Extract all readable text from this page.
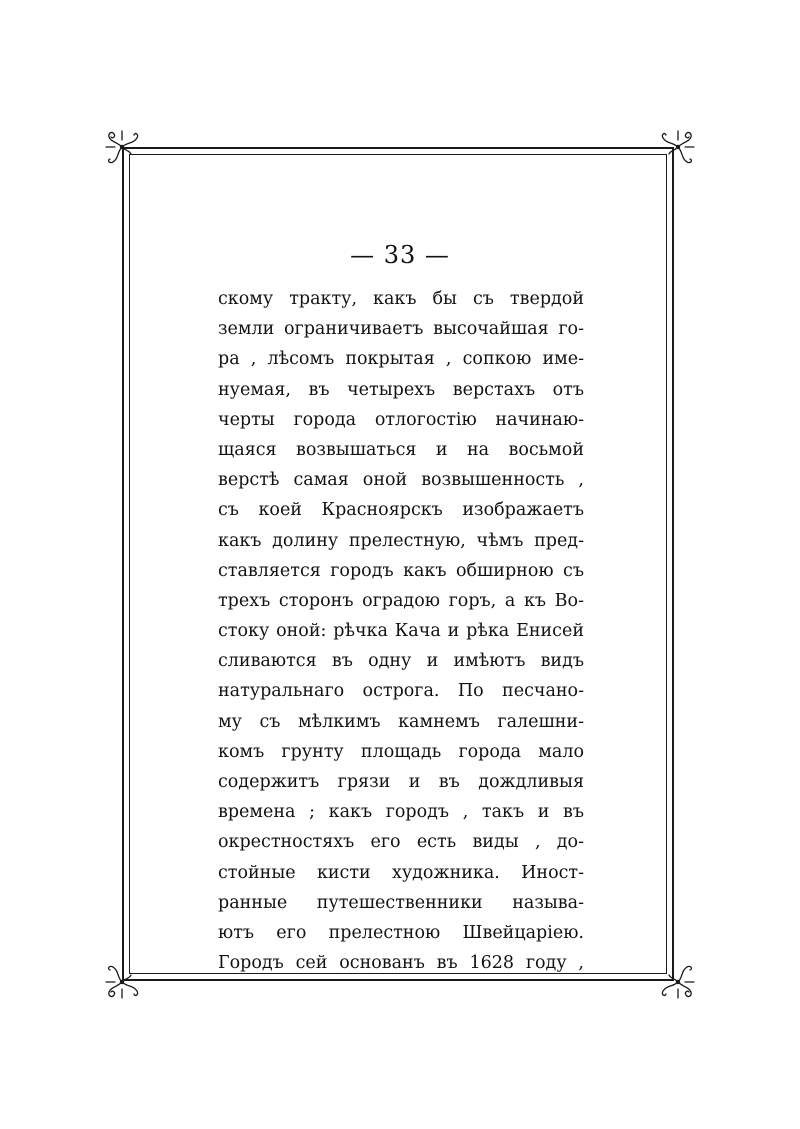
— 33 —
скому тракту, какъ бы съ твердой
земли ограничиваетъ высочайшая го-
ра , лѣсомъ покрытая , сопкою име-
нуемая, въ четырехъ верстахъ отъ
черты города отлогостію начинаю-
щаяся возвышаться и на восьмой
верстѣ самая оной возвышенность ,
съ коей Красноярскъ изображаетъ
какъ долину прелестную, чѣмъ пред-
ставляется городъ какъ обширною съ
трехъ сторонъ оградою горъ, а къ Во-
стоку оной: рѣчка Кача и рѣка Енисей
сливаются въ одну и имѣютъ видъ
натуральнаго острога. По песчано-
му съ мѣлкимъ камнемъ галешни-
комъ грунту площадь города мало
содержитъ грязи и въ дождливыя
времена ; какъ городъ , такъ и въ
окрестностяхъ его есть виды , до-
стойные кисти художника. Иност-
ранные путешественники называ-
ютъ его прелестною Швейцаріею.
Городъ сей основанъ въ 1628 году ,
